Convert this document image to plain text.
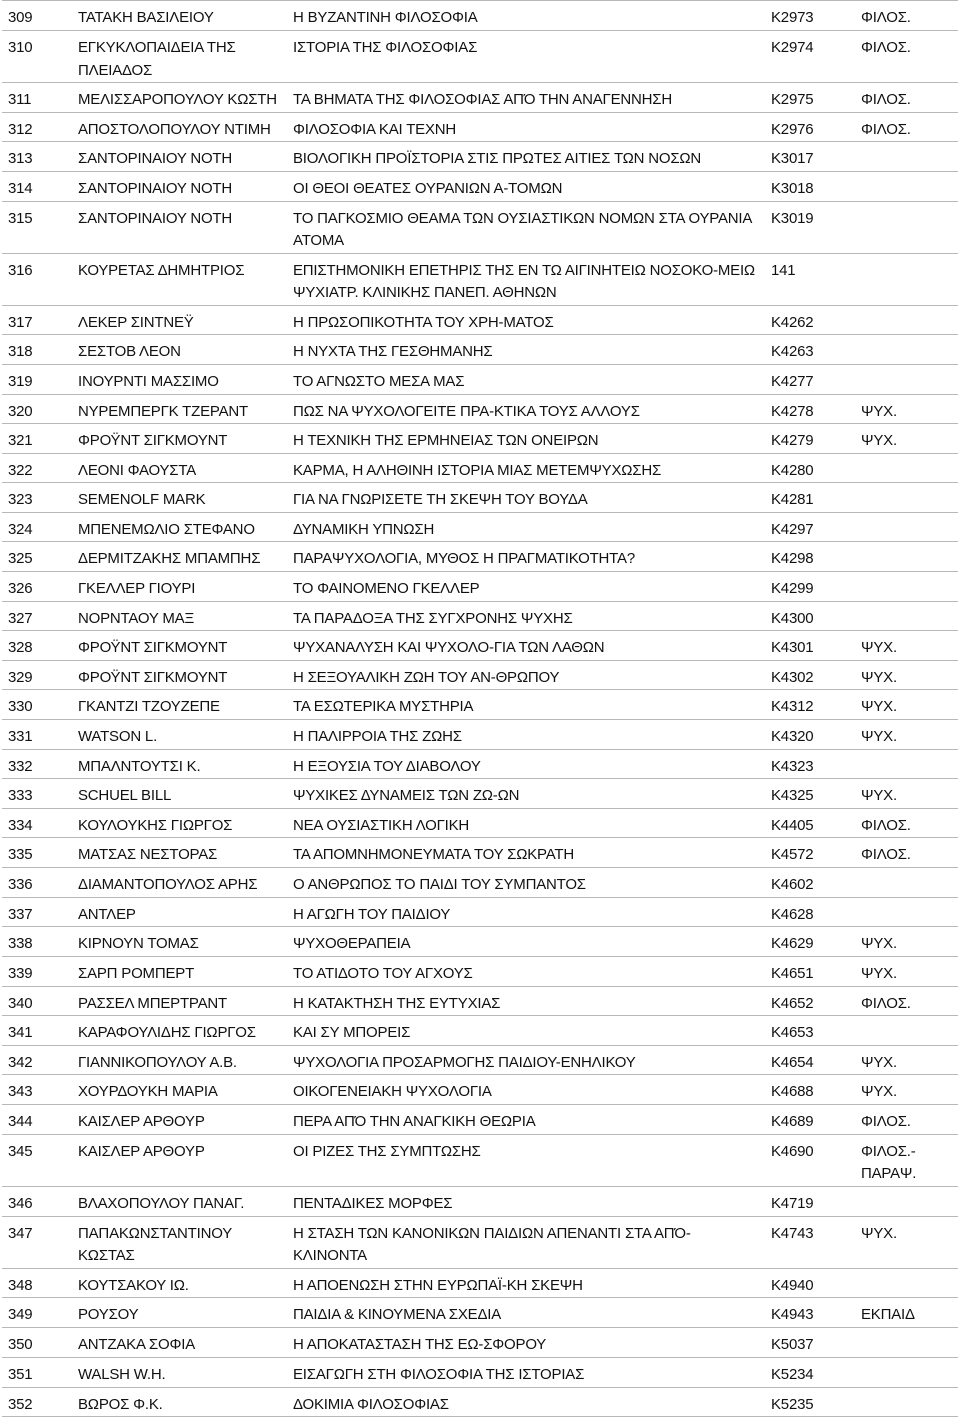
309	ΤΑΤΑΚΗ ΒΑΣΙΛΕΙΟΥ	Η ΒΥΖΑΝΤΙΝΗ ΦΙΛΟΣΟΦΙΑ	Κ2973	ΦΙΛΟΣ.
310	ΕΓΚΥΚΛΟΠΑΙΔΕΙΑ ΤΗΣ ΠΛΕΙΑΔΟΣ	ΙΣΤΟΡΙΑ ΤΗΣ ΦΙΛΟΣΟΦΙΑΣ	Κ2974	ΦΙΛΟΣ.
311	ΜΕΛΙΣΣΑΡΟΠΟΥΛΟΥ ΚΩΣΤΗ	ΤΑ ΒΗΜΑΤΑ ΤΗΣ ΦΙΛΟΣΟΦΙΑΣ ΑΠΌ ΤΗΝ ΑΝΑΓΕΝΝΗΣΗ	Κ2975	ΦΙΛΟΣ.
312	ΑΠΟΣΤΟΛΟΠΟΥΛΟΥ ΝΤΙΜΗ	ΦΙΛΟΣΟΦΙΑ ΚΑΙ ΤΕΧΝΗ	Κ2976	ΦΙΛΟΣ.
313	ΣΑΝΤΟΡΙΝΑΙΟΥ ΝΟΤΗ	ΒΙΟΛΟΓΙΚΗ ΠΡΟΪΣΤΟΡΙΑ ΣΤΙΣ ΠΡΩΤΕΣ ΑΙΤΙΕΣ ΤΩΝ ΝΟΣΩΝ	Κ3017	
314	ΣΑΝΤΟΡΙΝΑΙΟΥ ΝΟΤΗ	ΟΙ ΘΕΟΙ ΘΕΑΤΕΣ ΟΥΡΑΝΙΩΝ Α-ΤΟΜΩΝ	Κ3018	
315	ΣΑΝΤΟΡΙΝΑΙΟΥ ΝΟΤΗ	ΤΟ ΠΑΓΚΟΣΜΙΟ ΘΕΑΜΑ ΤΩΝ ΟΥΣΙΑΣΤΙΚΩΝ ΝΟΜΩΝ ΣΤΑ ΟΥΡΑΝΙΑ ΑΤΟΜΑ	Κ3019	
316	ΚΟΥΡΕΤΑΣ ΔΗΜΗΤΡΙΟΣ	ΕΠΙΣΤΗΜΟΝΙΚΗ ΕΠΕΤΗΡΙΣ ΤΗΣ ΕΝ ΤΩ ΑΙΓΙΝΗΤΕΙΩ ΝΟΣΟΚΟ-ΜΕΙΩ ΨΥΧΙΑΤΡ. ΚΛΙΝΙΚΗΣ ΠΑΝΕΠ. ΑΘΗΝΩΝ	141	
317	ΛΕΚΕΡ ΣΙΝΤΝΕΫ	Η ΠΡΩΣΟΠΙΚΟΤΗΤΑ ΤΟΥ ΧΡΗ-ΜΑΤΟΣ	Κ4262	
318	ΣΕΣΤΟΒ ΛΕΟΝ	Η ΝΥΧΤΑ ΤΗΣ ΓΕΣΘΗΜΑΝΗΣ	Κ4263	
319	ΙΝΟΥΡΝΤΙ ΜΑΣΣΙΜΟ	ΤΟ ΑΓΝΩΣΤΟ ΜΕΣΑ ΜΑΣ	Κ4277	
320	ΝΥΡΕΜΠΕΡΓΚ ΤΖΕΡΑΝΤ	ΠΩΣ ΝΑ ΨΥΧΟΛΟΓΕΙΤΕ ΠΡΑ-ΚΤΙΚΑ ΤΟΥΣ ΑΛΛΟΥΣ	Κ4278	ΨΥΧ.
321	ΦΡΟΫΝΤ ΣΙΓΚΜΟΥΝΤ	Η ΤΕΧΝΙΚΗ ΤΗΣ ΕΡΜΗΝΕΙΑΣ ΤΩΝ ΟΝΕΙΡΩΝ	Κ4279	ΨΥΧ.
322	ΛΕΟΝΙ ΦΑΟΥΣΤΑ	ΚΑΡΜΑ, Η ΑΛΗΘΙΝΗ ΙΣΤΟΡΙΑ ΜΙΑΣ ΜΕΤΕΜΨΥΧΩΣΗΣ	Κ4280	
323	SEMENOLF MARK	ΓΙΑ ΝΑ ΓΝΩΡΙΣΕΤΕ ΤΗ ΣΚΕΨΗ ΤΟΥ ΒΟΥΔΑ	Κ4281	
324	ΜΠΕΝΕΜΩΛΙΟ ΣΤΕΦΑΝΟ	ΔΥΝΑΜΙΚΗ ΥΠΝΩΣΗ	Κ4297	
325	ΔΕΡΜΙΤΖΑΚΗΣ ΜΠΑΜΠΗΣ	ΠΑΡΑΨΥΧΟΛΟΓΙΑ, ΜΥΘΟΣ Η ΠΡΑΓΜΑΤΙΚΟΤΗΤΑ?	Κ4298	
326	ΓΚΕΛΛΕΡ ΓΙΟΥΡΙ	ΤΟ ΦΑΙΝΟΜΕΝΟ ΓΚΕΛΛΕΡ	Κ4299	
327	ΝΟΡΝΤΑΟΥ ΜΑΞ	ΤΑ ΠΑΡΑΔΟΞΑ ΤΗΣ ΣΥΓΧΡΟΝΗΣ ΨΥΧΗΣ	Κ4300	
328	ΦΡΟΫΝΤ ΣΙΓΚΜΟΥΝΤ	ΨΥΧΑΝΑΛΥΣΗ ΚΑΙ ΨΥΧΟΛΟ-ΓΙΑ ΤΩΝ ΛΑΘΩΝ	Κ4301	ΨΥΧ.
329	ΦΡΟΫΝΤ ΣΙΓΚΜΟΥΝΤ	Η ΣΕΞΟΥΑΛΙΚΗ ΖΩΗ ΤΟΥ ΑΝ-ΘΡΩΠΟΥ	Κ4302	ΨΥΧ.
330	ΓΚΑΝΤΖΙ ΤΖΟΥΖΕΠΕ	ΤΑ ΕΣΩΤΕΡΙΚΑ ΜΥΣΤΗΡΙΑ	Κ4312	ΨΥΧ.
331	WATSON L.	Η ΠΑΛΙΡΡΟΙΑ ΤΗΣ ΖΩΗΣ	Κ4320	ΨΥΧ.
332	ΜΠΑΛΝΤΟΥΤΣΙ Κ.	Η ΕΞΟΥΣΙΑ ΤΟΥ ΔΙΑΒΟΛΟΥ	Κ4323	
333	SCHUEL BILL	ΨΥΧΙΚΕΣ ΔΥΝΑΜΕΙΣ ΤΩΝ ΖΩ-ΩΝ	Κ4325	ΨΥΧ.
334	ΚΟΥΛΟΥΚΗΣ ΓΙΩΡΓΟΣ	ΝΕΑ ΟΥΣΙΑΣΤΙΚΗ ΛΟΓΙΚΗ	Κ4405	ΦΙΛΟΣ.
335	ΜΑΤΣΑΣ ΝΕΣΤΟΡΑΣ	ΤΑ ΑΠΟΜΝΗΜΟΝΕΥΜΑΤΑ ΤΟΥ ΣΩΚΡΑΤΗ	Κ4572	ΦΙΛΟΣ.
336	ΔΙΑΜΑΝΤΟΠΟΥΛΟΣ ΑΡΗΣ	Ο ΑΝΘΡΩΠΟΣ ΤΟ ΠΑΙΔΙ ΤΟΥ ΣΥΜΠΑΝΤΟΣ	Κ4602	
337	ΑΝΤΛΕΡ	Η ΑΓΩΓΗ ΤΟΥ ΠΑΙΔΙΟΥ	Κ4628	
338	ΚΙΡΝΟΥΝ ΤΟΜΑΣ	ΨΥΧΟΘΕΡΑΠΕΙΑ	Κ4629	ΨΥΧ.
339	ΣΑΡΠ ΡΟΜΠΕΡΤ	ΤΟ ΑΤΙΔΟΤΟ ΤΟΥ ΑΓΧΟΥΣ	Κ4651	ΨΥΧ.
340	ΡΑΣΣΕΛ ΜΠΕΡΤΡΑΝΤ	Η ΚΑΤΑΚΤΗΣΗ ΤΗΣ ΕΥΤΥΧΙΑΣ	Κ4652	ΦΙΛΟΣ.
341	ΚΑΡΑΦΟΥΛΙΔΗΣ ΓΙΩΡΓΟΣ	ΚΑΙ ΣΥ ΜΠΟΡΕΙΣ	Κ4653	
342	ΓΙΑΝΝΙΚΟΠΟΥΛΟΥ Α.Β.	ΨΥΧΟΛΟΓΙΑ ΠΡΟΣΑΡΜΟΓΗΣ ΠΑΙΔΙΟΥ-ΕΝΗΛΙΚΟΥ	Κ4654	ΨΥΧ.
343	ΧΟΥΡΔΟΥΚΗ ΜΑΡΙΑ	ΟΙΚΟΓΕΝΕΙΑΚΗ ΨΥΧΟΛΟΓΙΑ	Κ4688	ΨΥΧ.
344	ΚΑΙΣΛΕΡ ΑΡΘΟΥΡ	ΠΕΡΑ ΑΠΌ ΤΗΝ ΑΝΑΓΚΙΚΗ ΘΕΩΡΙΑ	Κ4689	ΦΙΛΟΣ.
345	ΚΑΙΣΛΕΡ ΑΡΘΟΥΡ	ΟΙ ΡΙΖΕΣ ΤΗΣ ΣΥΜΠΤΩΣΗΣ	Κ4690	ΦΙΛΟΣ.- ΠΑΡΑΨ.
346	ΒΛΑΧΟΠΟΥΛΟΥ ΠΑΝΑΓ.	ΠΕΝΤΑΔΙΚΕΣ ΜΟΡΦΕΣ	Κ4719	
347	ΠΑΠΑΚΩΝΣΤΑΝΤΙΝΟΥ ΚΩΣΤΑΣ	Η ΣΤΑΣΗ ΤΩΝ ΚΑΝΟΝΙΚΩΝ ΠΑΙΔΙΩΝ ΑΠΕΝΑΝΤΙ ΣΤΑ ΑΠΌ-ΚΛΙΝΟΝΤΑ	Κ4743	ΨΥΧ.
348	ΚΟΥΤΣΑΚΟΥ ΙΩ.	Η ΑΠΟΕΝΩΣΗ ΣΤΗΝ ΕΥΡΩΠΑΪ-ΚΗ ΣΚΕΨΗ	Κ4940	
349	ΡΟΥΣΟΥ	ΠΑΙΔΙΑ & ΚΙΝΟΥΜΕΝΑ ΣΧΕΔΙΑ	Κ4943	ΕΚΠΑΙΔ
350	ΑΝΤΖΑΚΑ ΣΟΦΙΑ	Η ΑΠΟΚΑΤΑΣΤΑΣΗ ΤΗΣ ΕΩ-ΣΦΟΡΟΥ	Κ5037	
351	WALSH W.H.	ΕΙΣΑΓΩΓΗ ΣΤΗ ΦΙΛΟΣΟΦΙΑ ΤΗΣ ΙΣΤΟΡΙΑΣ	Κ5234	
352	ΒΩΡΟΣ Φ.Κ.	ΔΟΚΙΜΙΑ ΦΙΛΟΣΟΦΙΑΣ	Κ5235	
